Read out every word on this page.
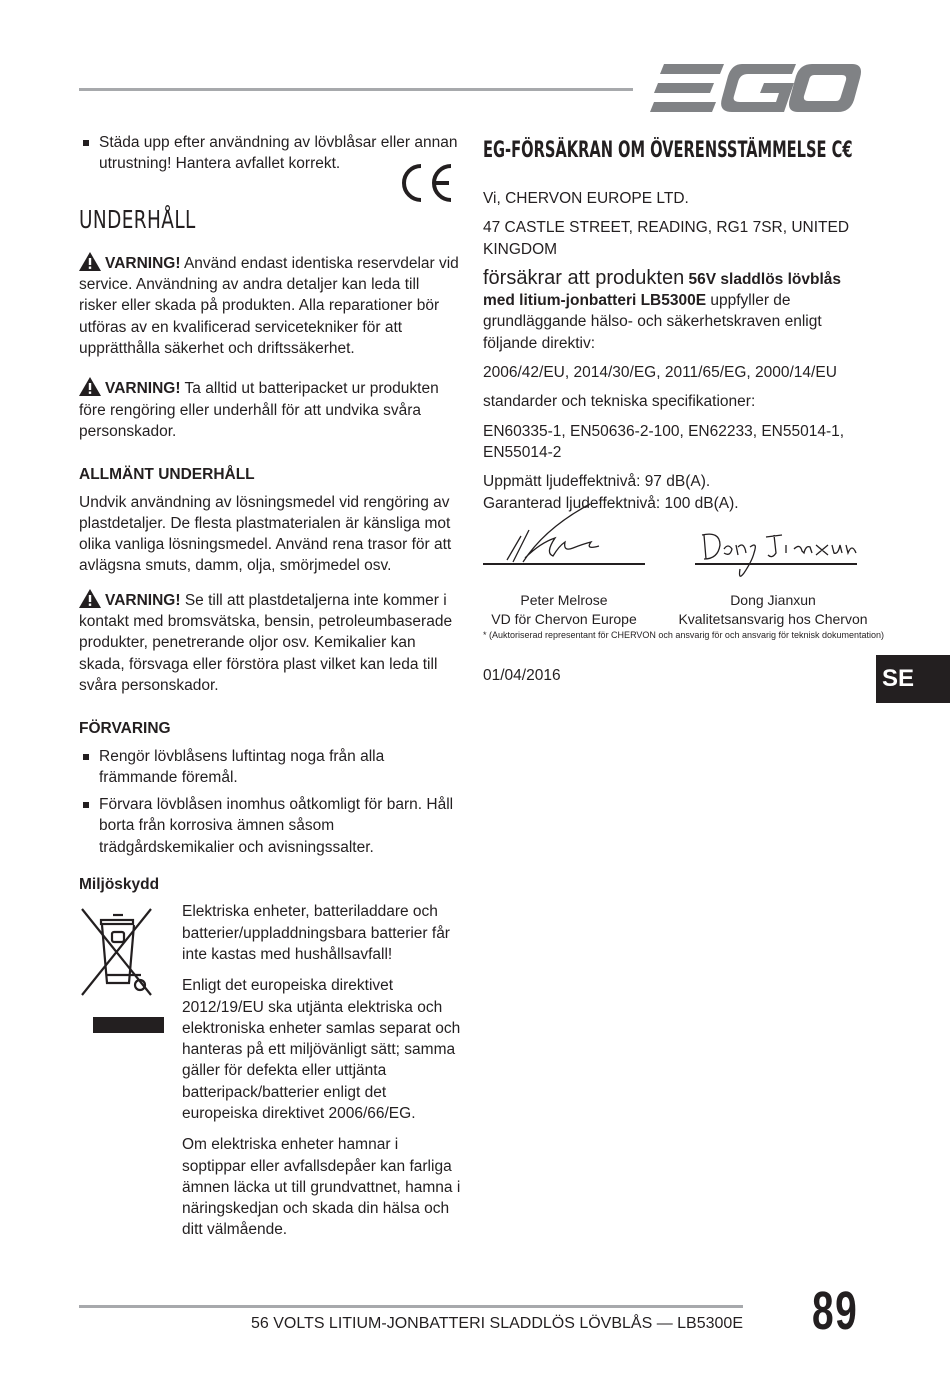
Städa upp efter användning av lövblåsar eller annan utrustning! Hantera avfallet korrekt.

UNDERHÅLL

VARNING! Använd endast identiska reservdelar vid service. Användning av andra detaljer kan leda till risker eller skada på produkten. Alla reparationer bör utföras av en kvalificerad servicetekniker för att upprätthålla säkerhet och driftssäkerhet.

VARNING! Ta alltid ut batteripacket ur produkten före rengöring eller underhåll för att undvika svåra personskador.

ALLMÄNT UNDERHÅLL

Undvik användning av lösningsmedel vid rengöring av plastdetaljer. De flesta plastmaterialen är känsliga mot olika vanliga lösningsmedel. Använd rena trasor för att avlägsna smuts, damm, olja, smörjmedel osv.

VARNING! Se till att plastdetaljerna inte kommer i kontakt med bromsvätska, bensin, petroleumbaserade produkter, penetrerande oljor osv. Kemikalier kan skada, försvaga eller förstöra plast vilket kan leda till svåra personskador.

FÖRVARING

Rengör lövblåsens luftintag noga från alla främmande föremål.

Förvara lövblåsen inomhus oåtkomligt för barn. Håll borta från korrosiva ämnen såsom trädgårdskemikalier och avisningssalter.

Miljöskydd

Elektriska enheter, batteriladdare och batterier/uppladdningsbara batterier får inte kastas med hushållsavfall!

Enligt det europeiska direktivet 2012/19/EU ska utjänta elektriska och elektroniska enheter samlas separat och hanteras på ett miljövänligt sätt; samma gäller för defekta eller uttjänta batteripack/batterier enligt det europeiska direktivet 2006/66/EG.

Om elektriska enheter hamnar i soptippar eller avfallsdepåer kan farliga ämnen läcka ut till grundvattnet, hamna i näringskedjan och skada din hälsa och ditt välmående.

EG-FÖRSÄKRAN OM ÖVERENSSTÄMMELSE C€

Vi, CHERVON EUROPE LTD.

47 CASTLE STREET, READING, RG1 7SR, UNITED KINGDOM

försäkrar att produkten 56V sladdlös lövblås med litium-jonbatteri LB5300E uppfyller de grundläggande hälso- och säkerhetskraven enligt följande direktiv:

2006/42/EU, 2014/30/EG, 2011/65/EG, 2000/14/EU

standarder och tekniska specifikationer:

EN60335-1, EN50636-2-100, EN62233, EN55014-1, EN55014-2

Uppmätt ljudeffektnivå: 97 dB(A).

Garanterad ljudeffektnivå: 100 dB(A).

Peter Melrose
VD för Chervon Europe
Dong Jianxun
Kvalitetsansvarig hos Chervon
* (Auktoriserad representant för CHERVON och ansvarig för och ansvarig för teknisk dokumentation)
01/04/2016	SE
56 VOLTS LITIUM-JONBATTERI SLADDLÖS LÖVBLÅS — LB5300E 89
